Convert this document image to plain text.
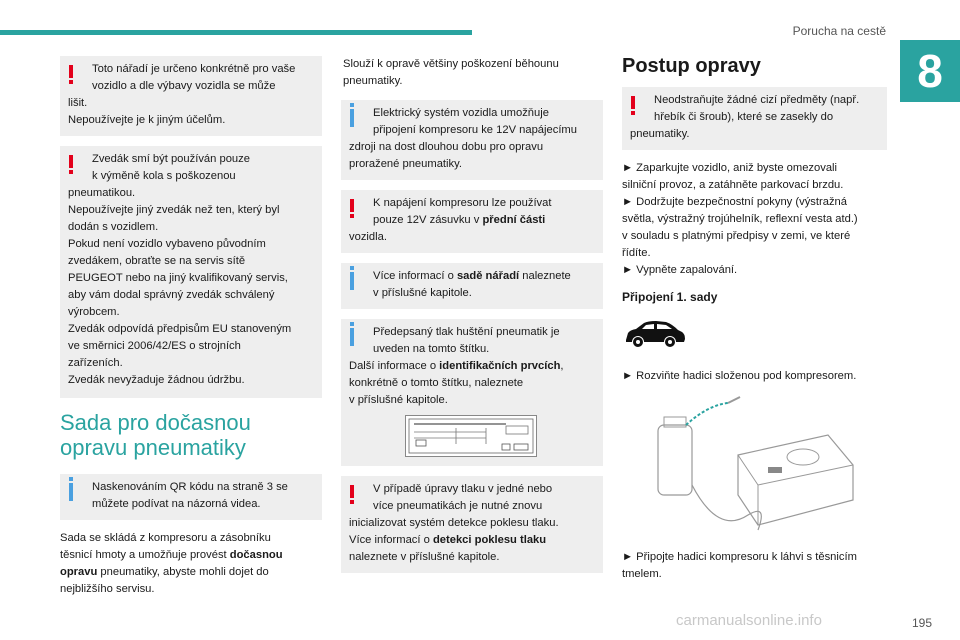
Porucha na cestě
8

Toto nářadí je určeno konkrétně pro vaše

vozidlo a dle výbavy vozidla se může

lišit.

Nepoužívejte je k jiným účelům.

Zvedák smí být používán pouze

k výměně kola s poškozenou

pneumatikou.

Nepoužívejte jiný zvedák než ten, který byl

dodán s vozidlem.

Pokud není vozidlo vybaveno původním

zvedákem, obraťte se na servis sítě

PEUGEOT nebo na jiný kvalifikovaný servis,

aby vám dodal správný zvedák schválený

výrobcem.

Zvedák odpovídá předpisům EU stanoveným

ve směrnici 2006/42/ES o strojních

zařízeních.

Zvedák nevyžaduje žádnou údržbu.

Sada pro dočasnou
opravu pneumatiky

Naskenováním QR kódu na straně 3 se

můžete podívat na názorná videa.

Sada se skládá z kompresoru a zásobníku
těsnicí hmoty a umožňuje provést dočasnou
opravu pneumatiky, abyste mohli dojet do
nejbližšího servisu.
Slouží k opravě většiny poškození běhounu
pneumatiky.

Elektrický systém vozidla umožňuje

připojení kompresoru ke 12V napájecímu

zdroji na dost dlouhou dobu pro opravu

proražené pneumatiky.

K napájení kompresoru lze používat

pouze 12V zásuvku v přední části

vozidla.

Více informací o sadě nářadí naleznete

v příslušné kapitole.

Předepsaný tlak huštění pneumatik je

uveden na tomto štítku.

Další informace o identifikačních prvcích,

konkrétně o tomto štítku, naleznete

v příslušné kapitole.

V případě úpravy tlaku v jedné nebo

více pneumatikách je nutné znovu

inicializovat systém detekce poklesu tlaku.

Více informací o detekci poklesu tlaku

naleznete v příslušné kapitole.

Postup opravy

Neodstraňujte žádné cizí předměty (např.

hřebík či šroub), které se zasekly do

pneumatiky.

► Zaparkujte vozidlo, aniž byste omezovali
silniční provoz, a zatáhněte parkovací brzdu.
► Dodržujte bezpečnostní pokyny (výstražná
světla, výstražný trojúhelník, reflexní vesta atd.)
v souladu s platnými předpisy v zemi, ve které
řídíte.
► Vypněte zapalování.
Připojení 1. sady
► Rozviňte hadici složenou pod kompresorem.
► Připojte hadici kompresoru k láhvi s těsnicím
tmelem.
carmanualsonline.info	195
